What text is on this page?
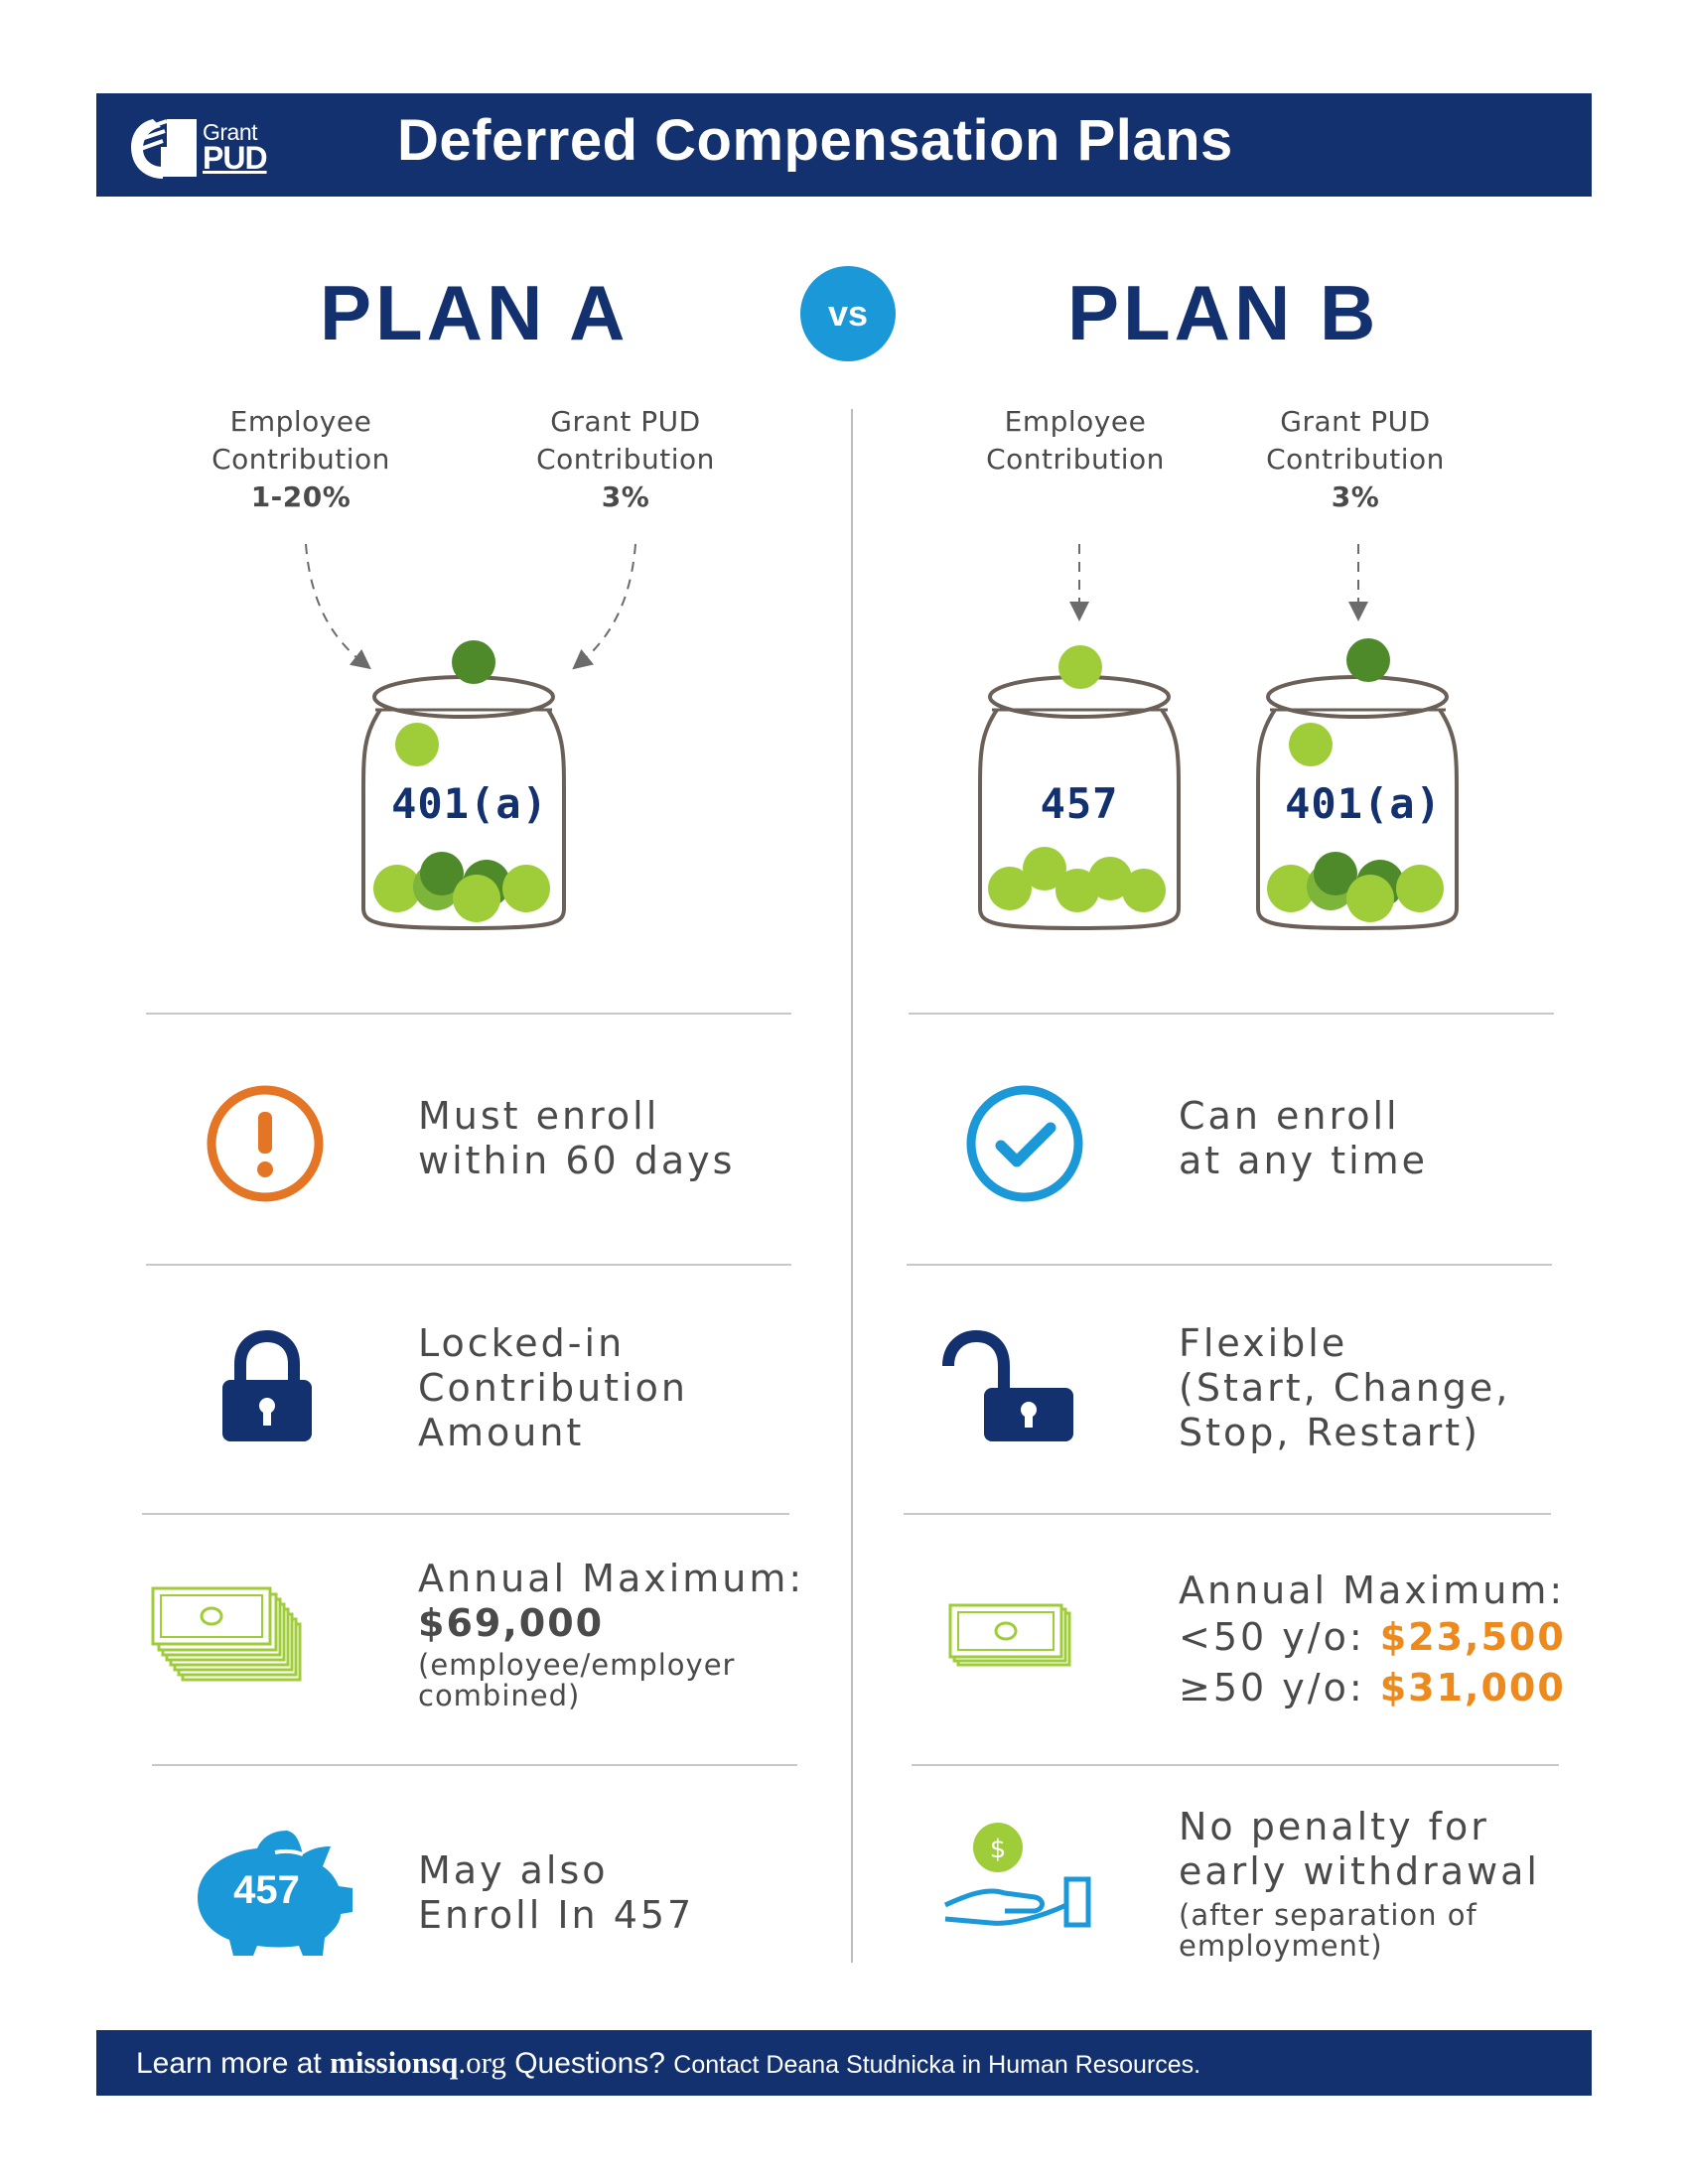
Grant
PUD Deferred Compensation Plans
PLAN A	vs	PLAN B
Employee Contribution
1-20%
Grant PUD Contribution
3%
Employee Contribution
Grant PUD Contribution
3%
401(a)	457	401(a)
Must enroll
within 60 days
Can enroll
at any time
Locked-in
Contribution
Amount
Flexible
(Start, Change,
Stop, Restart)
Annual Maximum:
$69,000
(employee/employer
combined)
Annual Maximum:
<50 y/o: $23,500
≥50 y/o: $31,000
457	May also
Enroll In 457
$
No penalty for
early withdrawal
(after separation of
employment)
Learn more at missionsq.org Questions? Contact Deana Studnicka in Human Resources.
